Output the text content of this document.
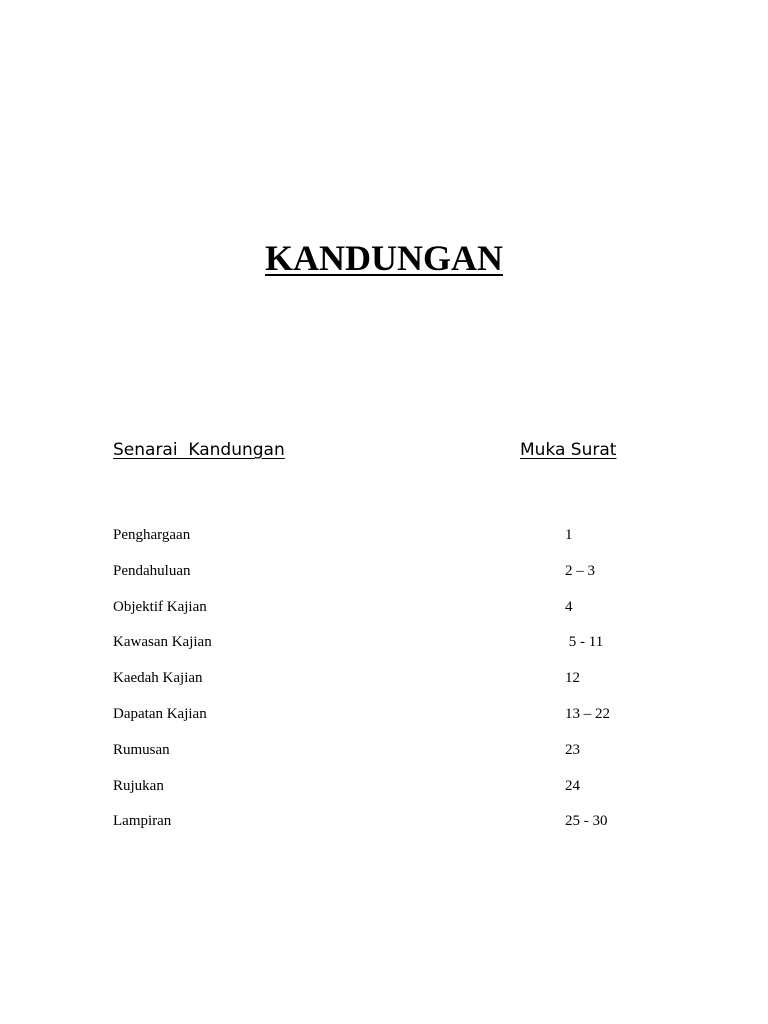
KANDUNGAN
Senarai  Kandungan	Muka Surat
Penghargaan	1
Pendahuluan	2 – 3
Objektif Kajian	4
Kawasan Kajian	5 - 11
Kaedah Kajian	12
Dapatan Kajian	13 – 22
Rumusan	23
Rujukan	24
Lampiran	25 - 30
